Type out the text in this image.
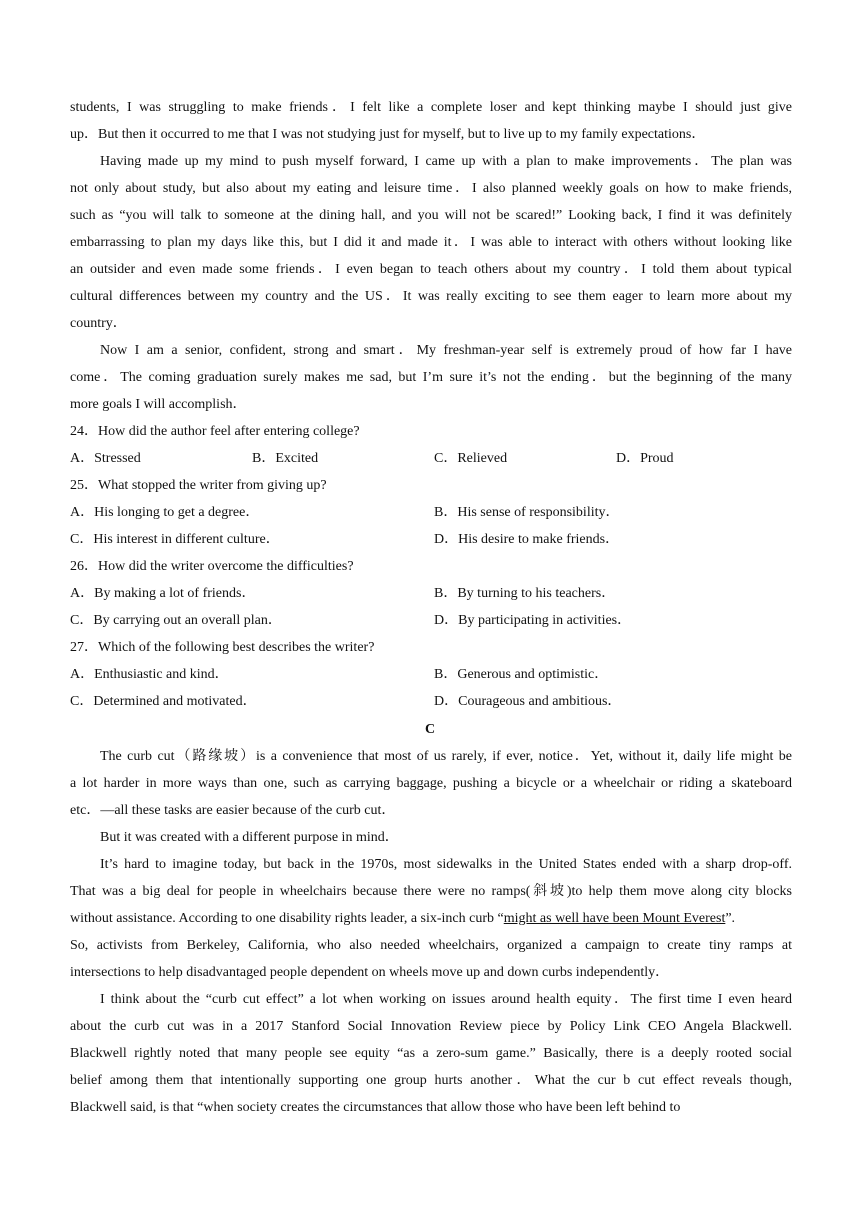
students, I was struggling to make friends．I felt like a complete loser and kept thinking maybe I should just give
up．But then it occurred to me that I was not studying just for myself, but to live up to my family expectations．
Having made up my mind to push myself forward, I came up with a plan to make improvements．The plan was
not only about study, but also about my eating and leisure time．I also planned weekly goals on how to make friends,
such as “you will talk to someone at the dining hall, and you will not be scared!” Looking back, I find it was definitely
embarrassing to plan my days like this, but I did it and made it．I was able to interact with others without looking like
an outsider and even made some friends．I even began to teach others about my country．I told them about typical
cultural differences between my country and the US．It was really exciting to see them eager to learn more about my
country．
Now I am a senior, confident, strong and smart．My freshman-year self is extremely proud of how far I have
come．The coming graduation surely makes me sad, but I’m sure it’s not the ending．but the beginning of the many
more goals I will accomplish．
24．How did the author feel after entering college?
A．Stressed	B．Excited	C．Relieved	D．Proud
25．What stopped the writer from giving up?
A．His longing to get a degree．	B．His sense of responsibility．
C．His interest in different culture．	D．His desire to make friends．
26．How did the writer overcome the difficulties?
A．By making a lot of friends．	B．By turning to his teachers．
C．By carrying out an overall plan．	D．By participating in activities．
27．Which of the following best describes the writer?
A．Enthusiastic and kind．	B．Generous and optimistic．
C．Determined and motivated．	D．Courageous and ambitious．
C
The curb cut（路缘坡）is a convenience that most of us rarely, if ever, notice．Yet, without it, daily life might be
a lot harder in more ways than one, such as carrying baggage, pushing a bicycle or a wheelchair or riding a skateboard
etc．—all these tasks are easier because of the curb cut．
But it was created with a different purpose in mind．
It’s hard to imagine today, but back in the 1970s, most sidewalks in the United States ended with a sharp drop-off.
That was a big deal for people in wheelchairs because there were no ramps(斜坡)to help them move along city blocks
without assistance. According to one disability rights leader, a six-inch curb “might as well have been Mount Everest”.
So, activists from Berkeley, California, who also needed wheelchairs, organized a campaign to create tiny ramps at
intersections to help disadvantaged people dependent on wheels move up and down curbs independently．
I think about the “curb cut effect” a lot when working on issues around health equity．The first time I even heard
about the curb cut was in a 2017 Stanford Social Innovation Review piece by Policy Link CEO Angela Blackwell.
Blackwell rightly noted that many people see equity “as a zero-sum game.” Basically, there is a deeply rooted social
belief among them that intentionally supporting one group hurts another．What the cur b cut effect reveals though,
Blackwell said, is that “when society creates the circumstances that allow those who have been left behind to
